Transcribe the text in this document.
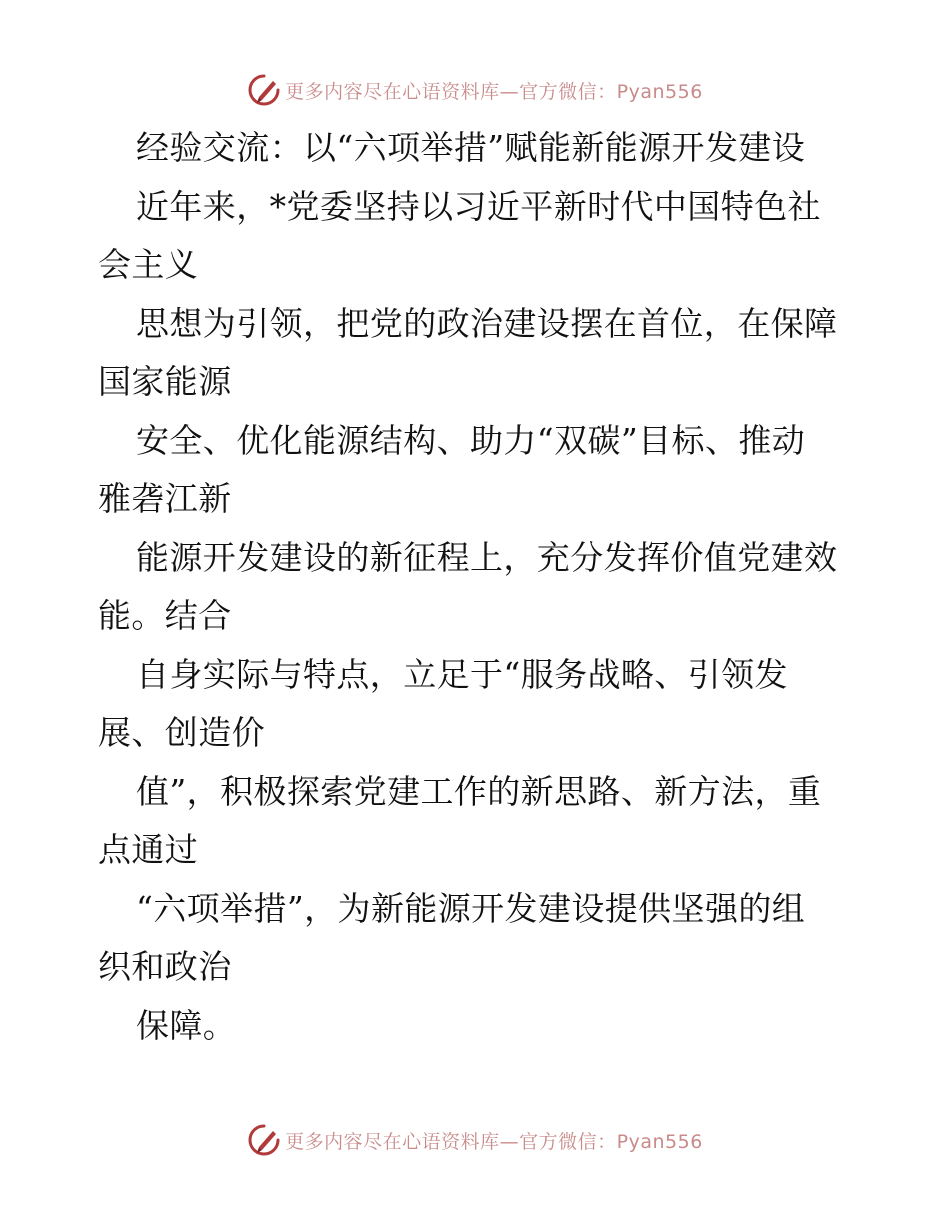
更多内容尽在心语资料库—官方微信：Pyan556
经验交流：以“六项举措”赋能新能源开发建设
近年来，*党委坚持以习近平新时代中国特色社
会主义
思想为引领，把党的政治建设摆在首位，在保障
国家能源
安全、优化能源结构、助力“双碳”目标、推动
雅砻江新
能源开发建设的新征程上，充分发挥价值党建效
能。结合
自身实际与特点，立足于“服务战略、引领发
展、创造价
值”，积极探索党建工作的新思路、新方法，重
点通过
“六项举措”，为新能源开发建设提供坚强的组
织和政治
保障。
更多内容尽在心语资料库—官方微信：Pyan556
